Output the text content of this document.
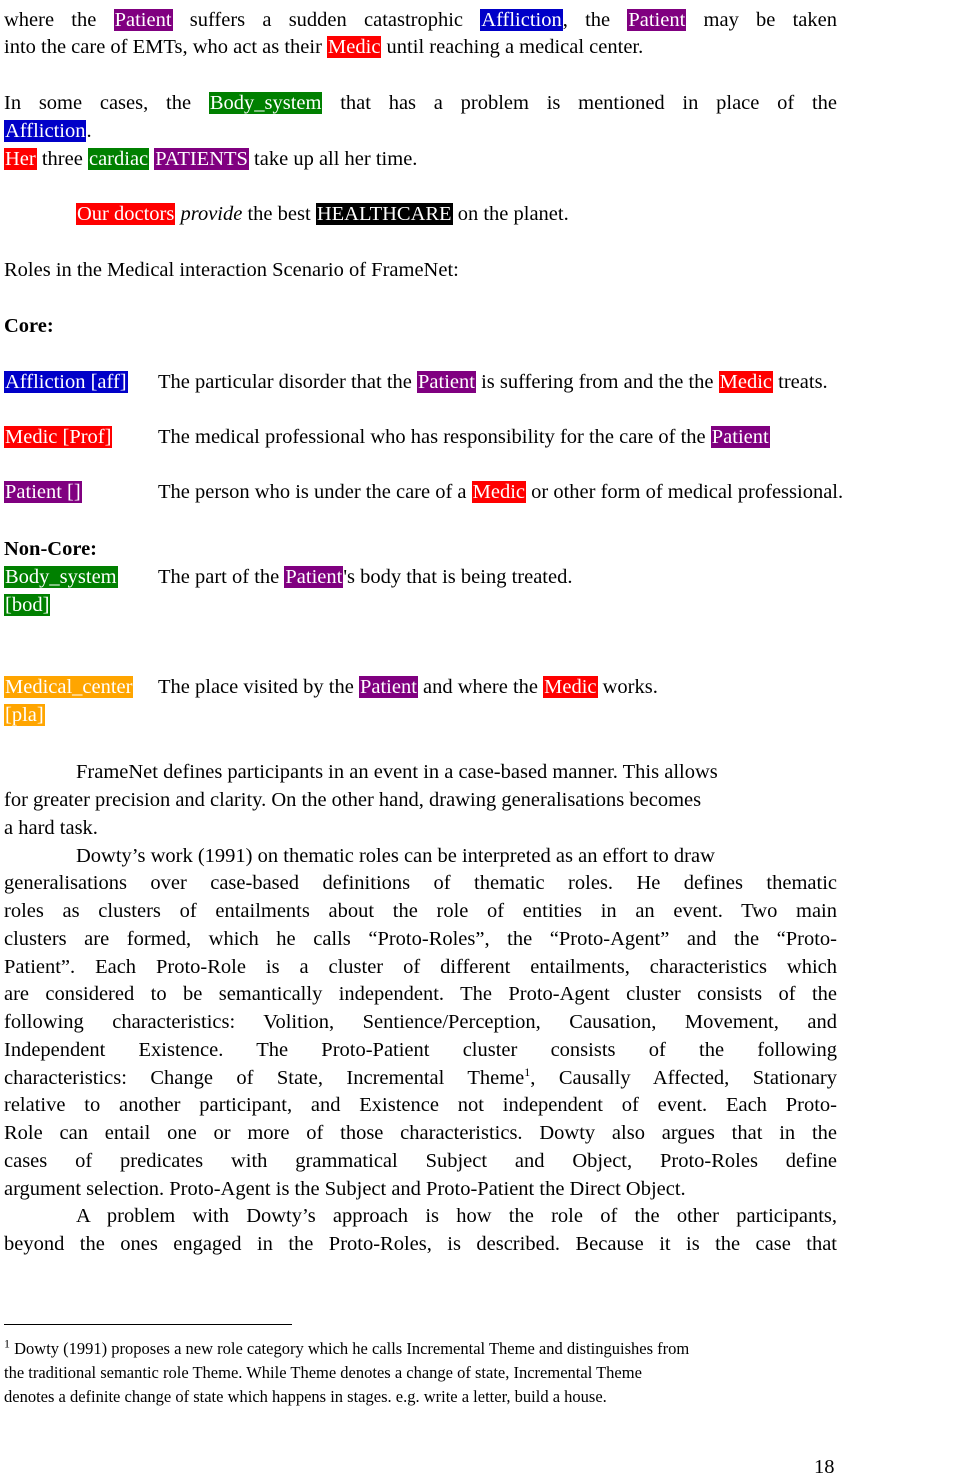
where the Patient suffers a sudden catastrophic Affliction, the Patient may be taken
into the care of EMTs, who act as their Medic until reaching a medical center.
In some cases, the Body_system that has a problem is mentioned in place of the
Affliction.
Her three cardiac PATIENTS take up all her time.
Our doctors provide the best HEALTHCARE on the planet.
Roles in the Medical interaction Scenario of FrameNet:
Core:
Affliction [aff] The particular disorder that the Patient is suffering from and the the Medic treats.
Medic [Prof] The medical professional who has responsibility for the care of the Patient
Patient []	The person who is under the care of a Medic or other form of medical professional.
Non-Core:
Body_system
[bod]
The part of the Patient's body that is being treated.
Medical_center
[pla]
The place visited by the Patient and where the Medic works.
FrameNet defines participants in an event in a case-based manner. This allows
for greater precision and clarity. On the other hand, drawing generalisations becomes
a hard task.
Dowty’s work (1991) on thematic roles can be interpreted as an effort to draw
generalisations over case-based definitions of thematic roles. He defines thematic
roles as clusters of entailments about the role of entities in an event. Two main
clusters are formed, which he calls “Proto-Roles”, the “Proto-Agent” and the “Proto-
Patient”. Each Proto-Role is a cluster of different entailments, characteristics which
are considered to be semantically independent. The Proto-Agent cluster consists of the
following characteristics: Volition, Sentience/Perception, Causation, Movement, and
Independent Existence. The Proto-Patient cluster consists of the following
characteristics: Change of State, Incremental Theme$^1$, Causally Affected, Stationary
relative to another participant, and Existence not independent of event. Each Proto-
Role can entail one or more of those characteristics. Dowty also argues that in the
cases of predicates with grammatical Subject and Object, Proto-Roles define
argument selection. Proto-Agent is the Subject and Proto-Patient the Direct Object.
A problem with Dowty’s approach is how the role of the other participants,
beyond the ones engaged in the Proto-Roles, is described. Because it is the case that
$^1$ Dowty (1991) proposes a new role category which he calls Incremental Theme and distinguishes from
the traditional semantic role Theme. While Theme denotes a change of state, Incremental Theme
denotes a definite change of state which happens in stages. e.g. write a letter, build a house.
18
